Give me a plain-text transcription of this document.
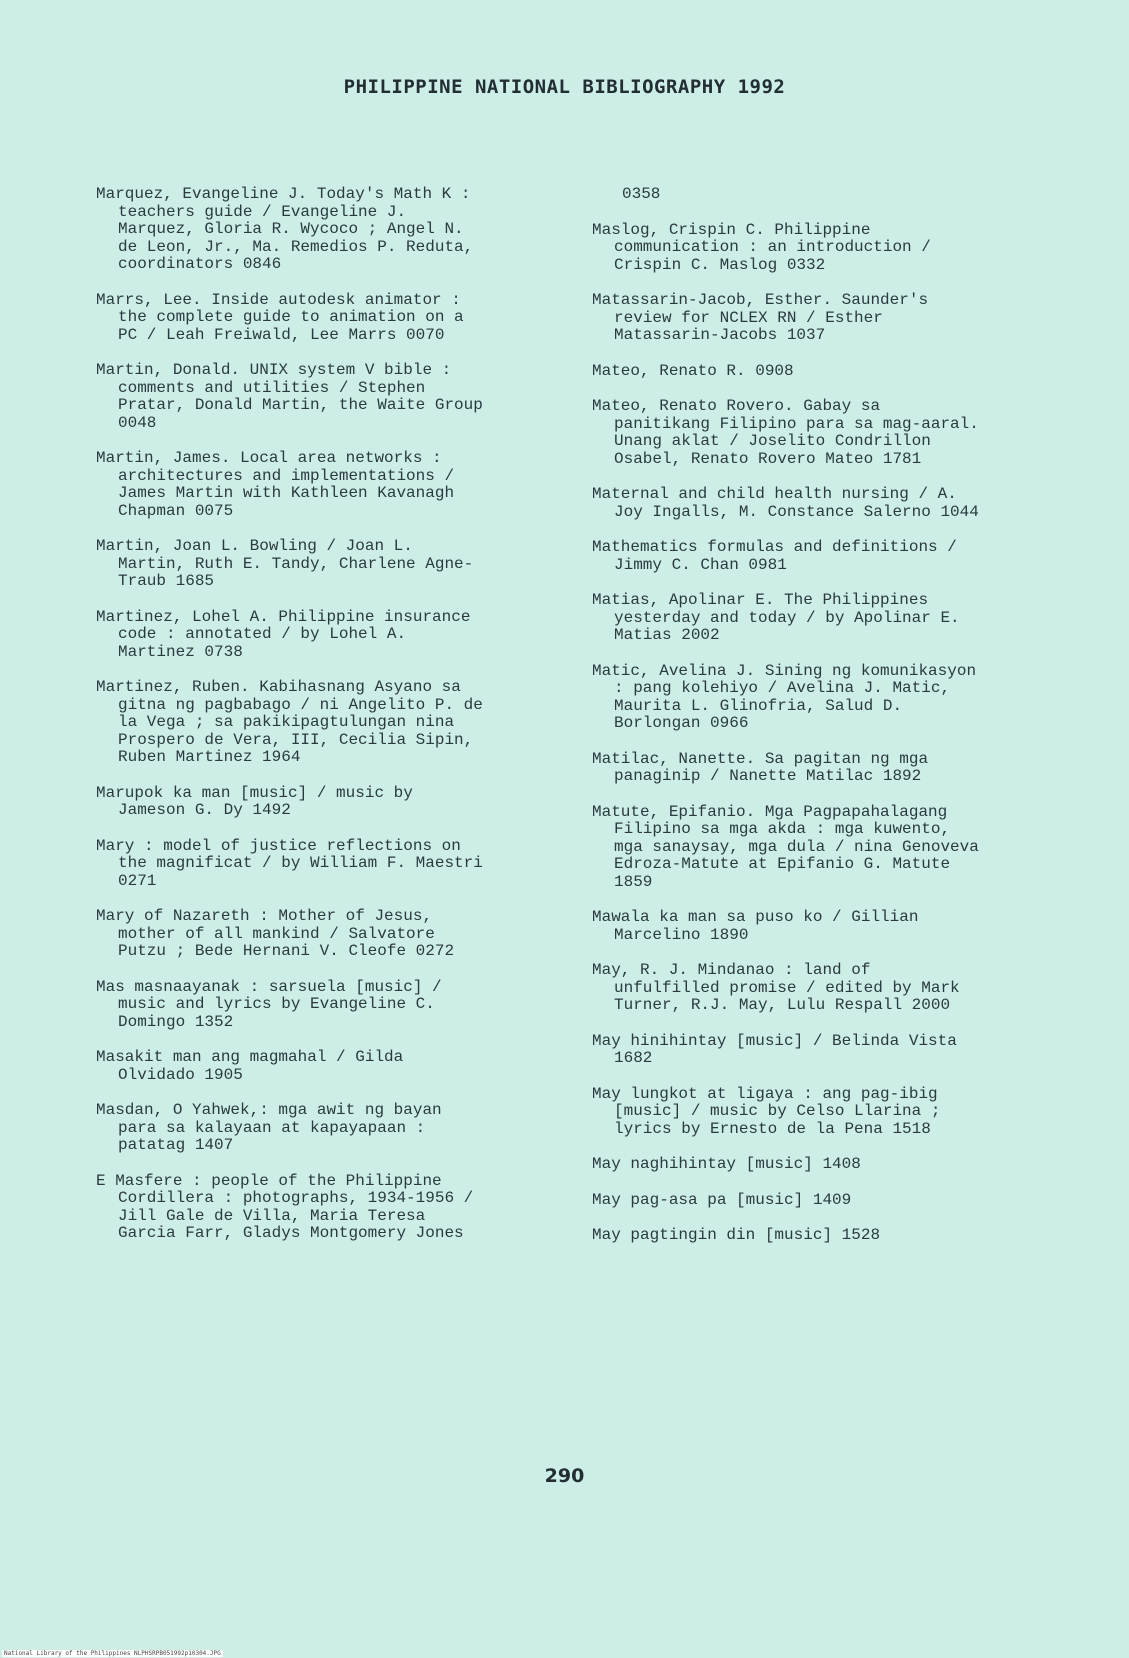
PHILIPPINE NATIONAL BIBLIOGRAPHY 1992

Marquez, Evangeline J. Today's Math K :
teachers guide / Evangeline J.
Marquez, Gloria R. Wycoco ; Angel N.
de Leon, Jr., Ma. Remedios P. Reduta,
coordinators 0846

Marrs, Lee. Inside autodesk animator :
the complete guide to animation on a
PC / Leah Freiwald, Lee Marrs 0070

Martin, Donald. UNIX system V bible :
comments and utilities / Stephen
Pratar, Donald Martin, the Waite Group
0048

Martin, James. Local area networks :
architectures and implementations /
James Martin with Kathleen Kavanagh
Chapman 0075

Martin, Joan L. Bowling / Joan L.
Martin, Ruth E. Tandy, Charlene Agne-
Traub 1685

Martinez, Lohel A. Philippine insurance
code : annotated / by Lohel A.
Martinez 0738

Martinez, Ruben. Kabihasnang Asyano sa
gitna ng pagbabago / ni Angelito P. de
la Vega ; sa pakikipagtulungan nina
Prospero de Vera, III, Cecilia Sipin,
Ruben Martinez 1964

Marupok ka man [music] / music by
Jameson G. Dy 1492

Mary : model of justice reflections on
the magnificat / by William F. Maestri
0271

Mary of Nazareth : Mother of Jesus,
mother of all mankind / Salvatore
Putzu ; Bede Hernani V. Cleofe 0272

Mas masnaayanak : sarsuela [music] /
music and lyrics by Evangeline C.
Domingo 1352

Masakit man ang magmahal / Gilda
Olvidado 1905

Masdan, O Yahwek,: mga awit ng bayan
para sa kalayaan at kapayapaan :
patatag 1407

E Masfere : people of the Philippine
Cordillera : photographs, 1934-1956 /
Jill Gale de Villa, Maria Teresa
Garcia Farr, Gladys Montgomery Jones

0358

Maslog, Crispin C. Philippine
communication : an introduction /
Crispin C. Maslog 0332

Matassarin-Jacob, Esther. Saunder's
review for NCLEX RN / Esther
Matassarin-Jacobs 1037

Mateo, Renato R. 0908

Mateo, Renato Rovero. Gabay sa
panitikang Filipino para sa mag-aaral.
Unang aklat / Joselito Condrillon
Osabel, Renato Rovero Mateo 1781

Maternal and child health nursing / A.
Joy Ingalls, M. Constance Salerno 1044

Mathematics formulas and definitions /
Jimmy C. Chan 0981

Matias, Apolinar E. The Philippines
yesterday and today / by Apolinar E.
Matias 2002

Matic, Avelina J. Sining ng komunikasyon
: pang kolehiyo / Avelina J. Matic,
Maurita L. Glinofria, Salud D.
Borlongan 0966

Matilac, Nanette. Sa pagitan ng mga
panaginip / Nanette Matilac 1892

Matute, Epifanio. Mga Pagpapahalagang
Filipino sa mga akda : mga kuwento,
mga sanaysay, mga dula / nina Genoveva
Edroza-Matute at Epifanio G. Matute
1859

Mawala ka man sa puso ko / Gillian
Marcelino 1890

May, R. J. Mindanao : land of
unfulfilled promise / edited by Mark
Turner, R.J. May, Lulu Respall 2000

May hinihintay [music] / Belinda Vista
1682

May lungkot at ligaya : ang pag-ibig
[music] / music by Celso Llarina ;
lyrics by Ernesto de la Pena 1518

May naghihintay [music] 1408

May pag-asa pa [music] 1409

May pagtingin din [music] 1528

290
National Library of the Philippines NLPHSRPB051992p10304.JPG
